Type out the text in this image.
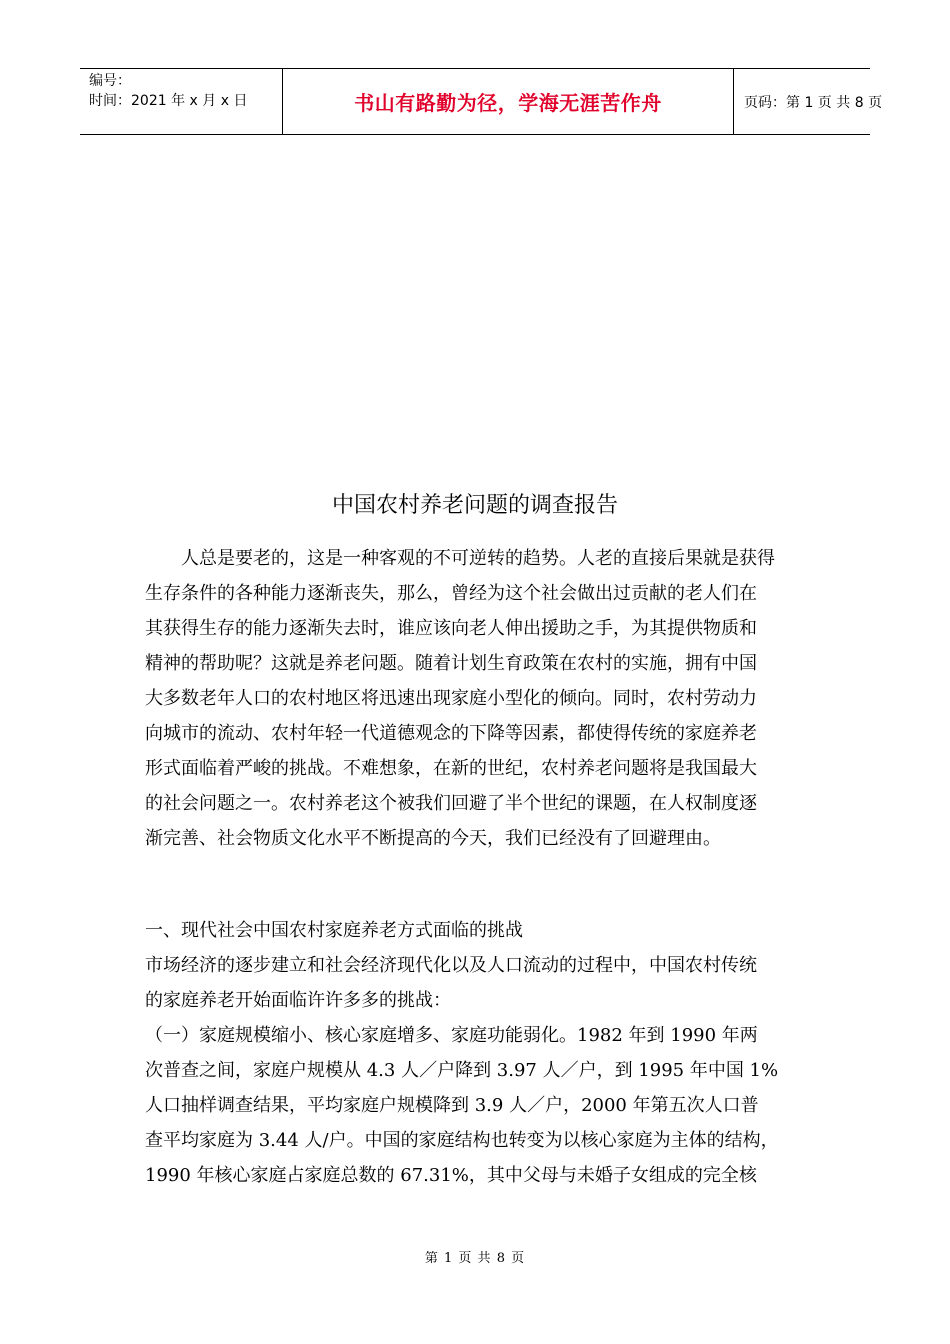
编号：
时间：2021 年 x 月 x 日	书山有路勤为径，学海无涯苦作舟	页码：第 1 页 共 8 页
中国农村养老问题的调查报告
　　人总是要老的，这是一种客观的不可逆转的趋势。人老的直接后果就是获得
生存条件的各种能力逐渐丧失，那么，曾经为这个社会做出过贡献的老人们在
其获得生存的能力逐渐失去时，谁应该向老人伸出援助之手，为其提供物质和
精神的帮助呢？这就是养老问题。随着计划生育政策在农村的实施，拥有中国
大多数老年人口的农村地区将迅速出现家庭小型化的倾向。同时，农村劳动力
向城市的流动、农村年轻一代道德观念的下降等因素，都使得传统的家庭养老
形式面临着严峻的挑战。不难想象，在新的世纪，农村养老问题将是我国最大
的社会问题之一。农村养老这个被我们回避了半个世纪的课题，在人权制度逐
渐完善、社会物质文化水平不断提高的今天，我们已经没有了回避理由。
一、现代社会中国农村家庭养老方式面临的挑战
市场经济的逐步建立和社会经济现代化以及人口流动的过程中，中国农村传统
的家庭养老开始面临许许多多的挑战：
（一）家庭规模缩小、核心家庭增多、家庭功能弱化。1982 年到 1990 年两
次普查之间，家庭户规模从 4.3 人／户降到 3.97 人／户，到 1995 年中国 1%
人口抽样调查结果，平均家庭户规模降到 3.9 人／户，2000 年第五次人口普
查平均家庭为 3.44 人/户。中国的家庭结构也转变为以核心家庭为主体的结构，
1990 年核心家庭占家庭总数的 67.31%，其中父母与未婚子女组成的完全核
第 1 页 共 8 页
